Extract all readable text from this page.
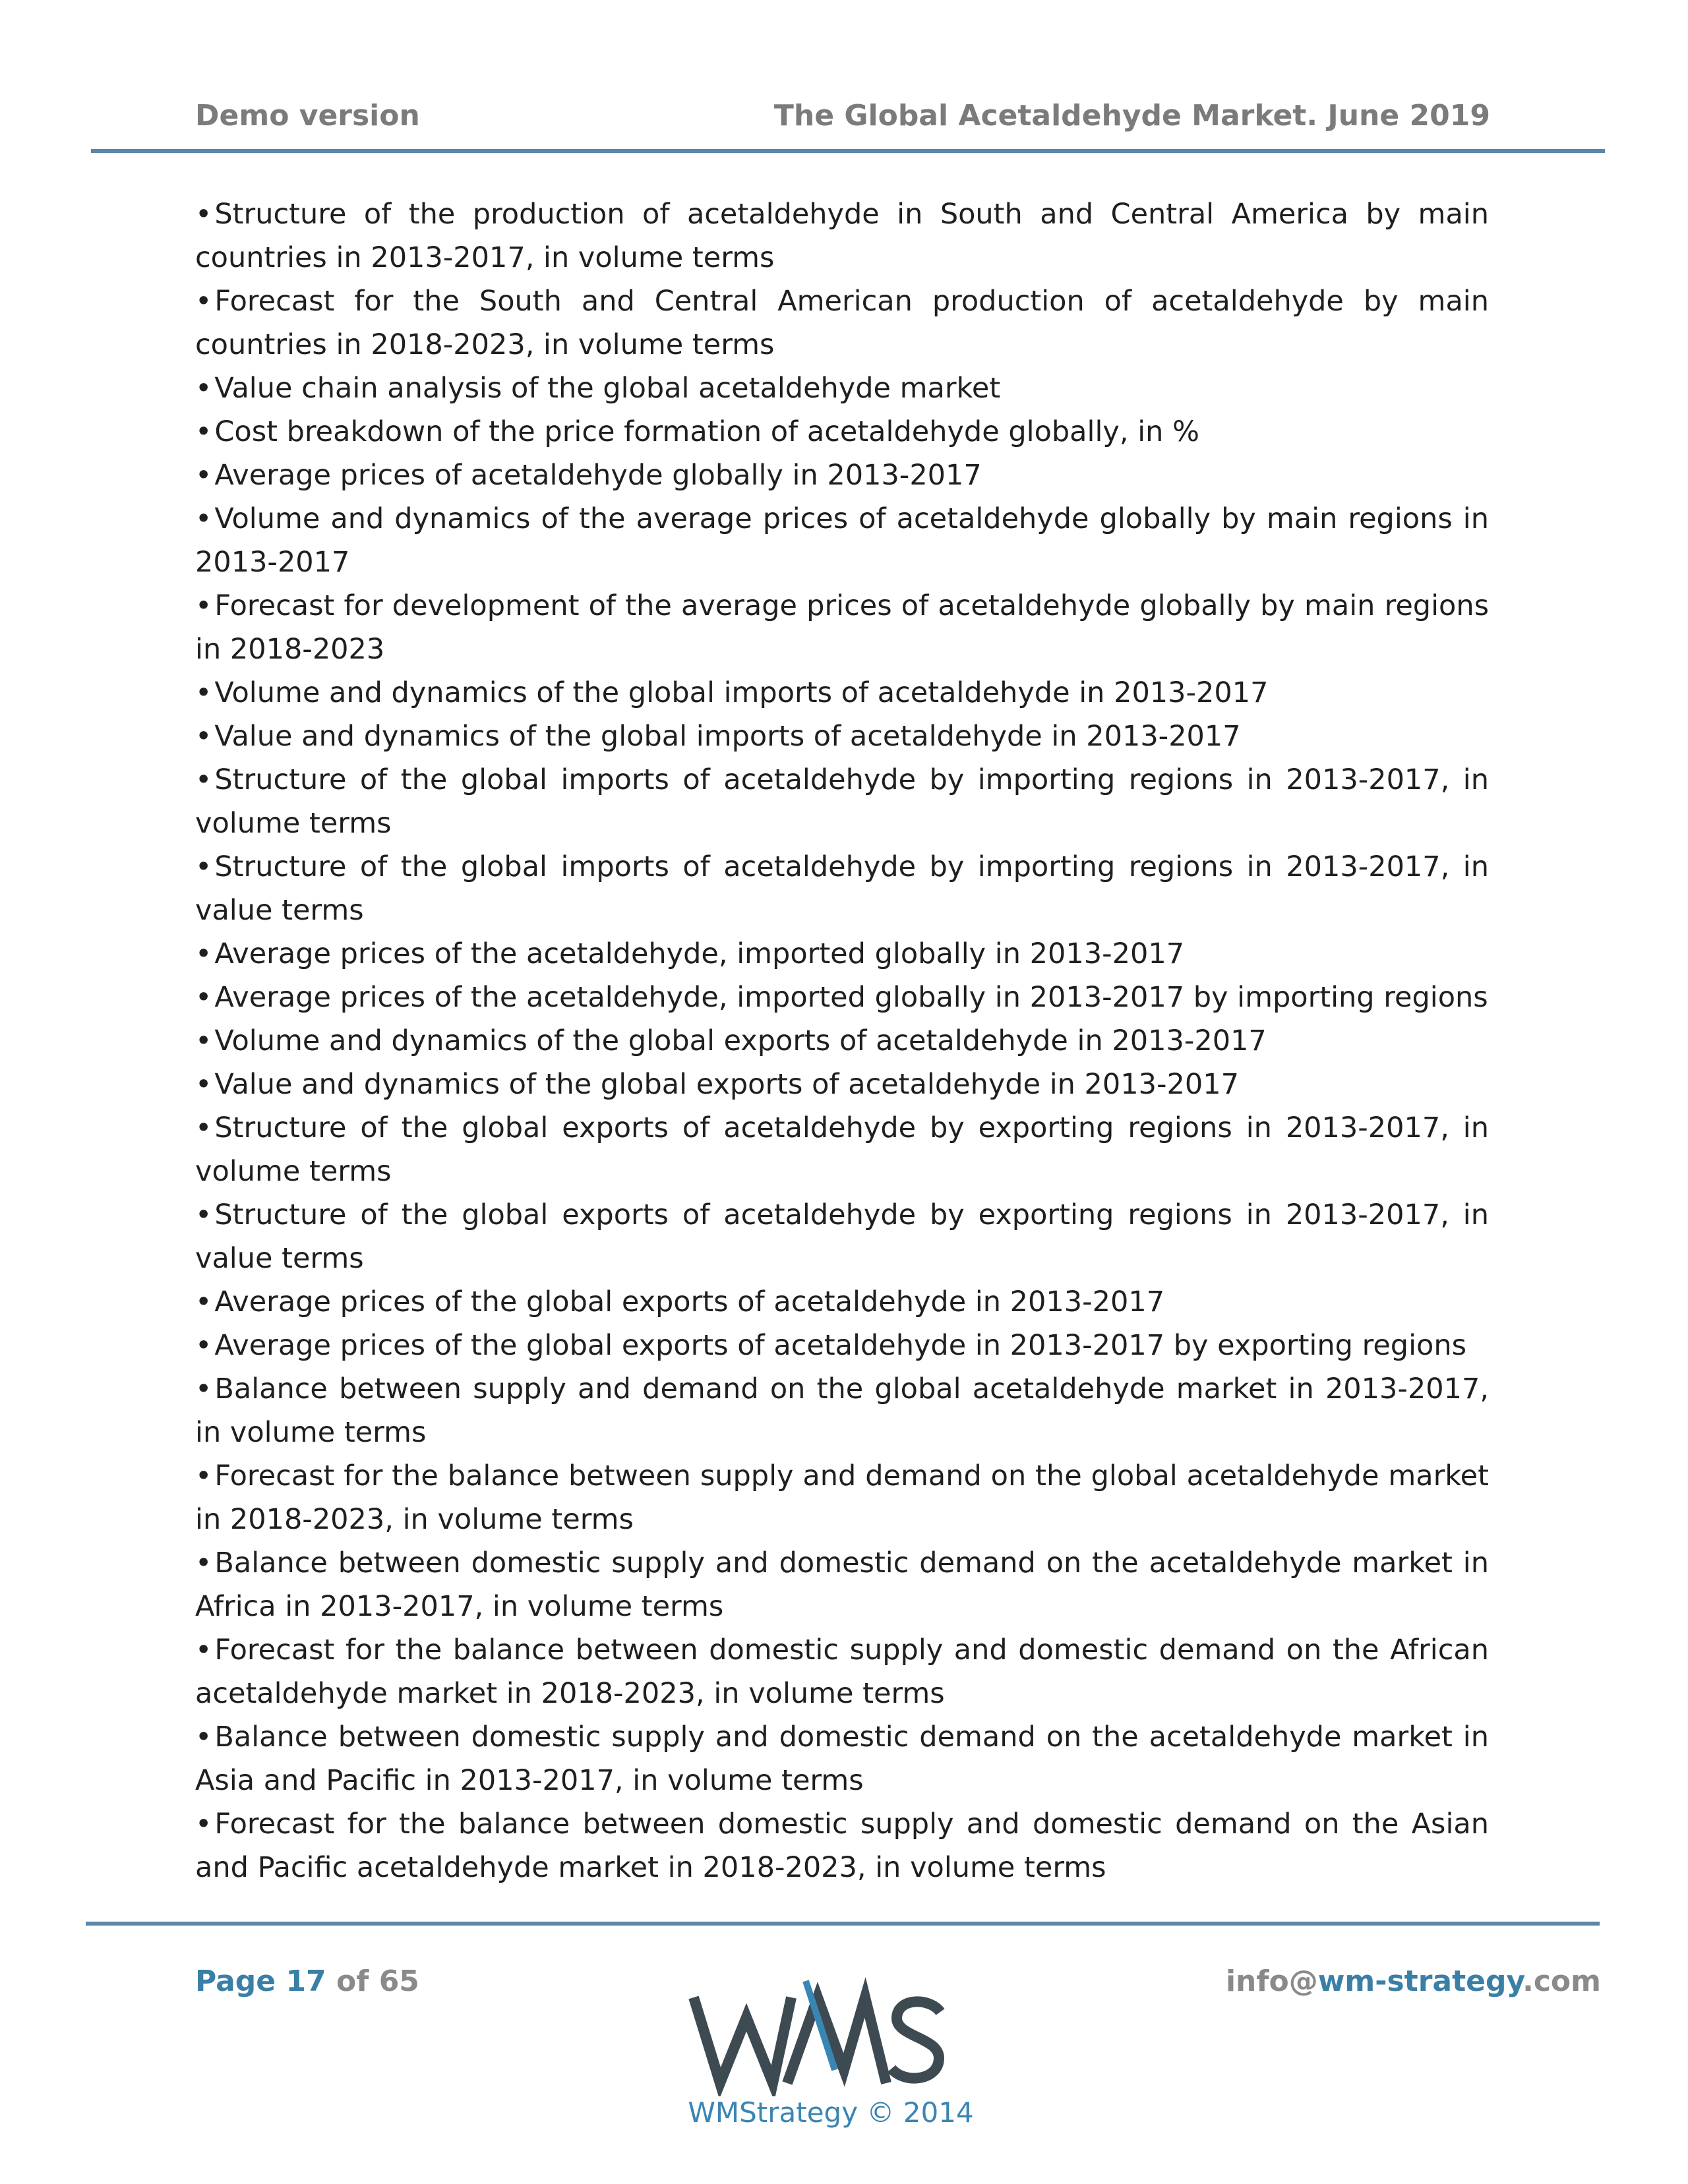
Demo version	The Global Acetaldehyde Market. June 2019

•Structure of the production of acetaldehyde in South and Central America by main countries in 2013-2017, in volume terms

•Forecast for the South and Central American production of acetaldehyde by main countries in 2018-2023, in volume terms

•Value chain analysis of the global acetaldehyde market

•Cost breakdown of the price formation of acetaldehyde globally, in %

•Average prices of acetaldehyde globally in 2013-2017

•Volume and dynamics of the average prices of acetaldehyde globally by main regions in 2013-2017

•Forecast for development of the average prices of acetaldehyde globally by main regions in 2018-2023

•Volume and dynamics of the global imports of acetaldehyde in 2013-2017

•Value and dynamics of the global imports of acetaldehyde in 2013-2017

•Structure of the global imports of acetaldehyde by importing regions in 2013-2017, in volume terms

•Structure of the global imports of acetaldehyde by importing regions in 2013-2017, in value terms

•Average prices of the acetaldehyde, imported globally in 2013-2017

•Average prices of the acetaldehyde, imported globally in 2013-2017 by importing regions

•Volume and dynamics of the global exports of acetaldehyde in 2013-2017

•Value and dynamics of the global exports of acetaldehyde in 2013-2017

•Structure of the global exports of acetaldehyde by exporting regions in 2013-2017, in volume terms

•Structure of the global exports of acetaldehyde by exporting regions in 2013-2017, in value terms

•Average prices of the global exports of acetaldehyde in 2013-2017

•Average prices of the global exports of acetaldehyde in 2013-2017 by exporting regions

•Balance between supply and demand on the global acetaldehyde market in 2013-2017, in volume terms

•Forecast for the balance between supply and demand on the global acetaldehyde market in 2018-2023, in volume terms

•Balance between domestic supply and domestic demand on the acetaldehyde market in Africa in 2013-2017, in volume terms

•Forecast for the balance between domestic supply and domestic demand on the African acetaldehyde market in 2018-2023, in volume terms

•Balance between domestic supply and domestic demand on the acetaldehyde market in Asia and Pacific in 2013-2017, in volume terms

•Forecast for the balance between domestic supply and domestic demand on the Asian and Pacific acetaldehyde market in 2018-2023, in volume terms

Page 17 of 65	info@wm-strategy.com
WMStrategy © 2014
